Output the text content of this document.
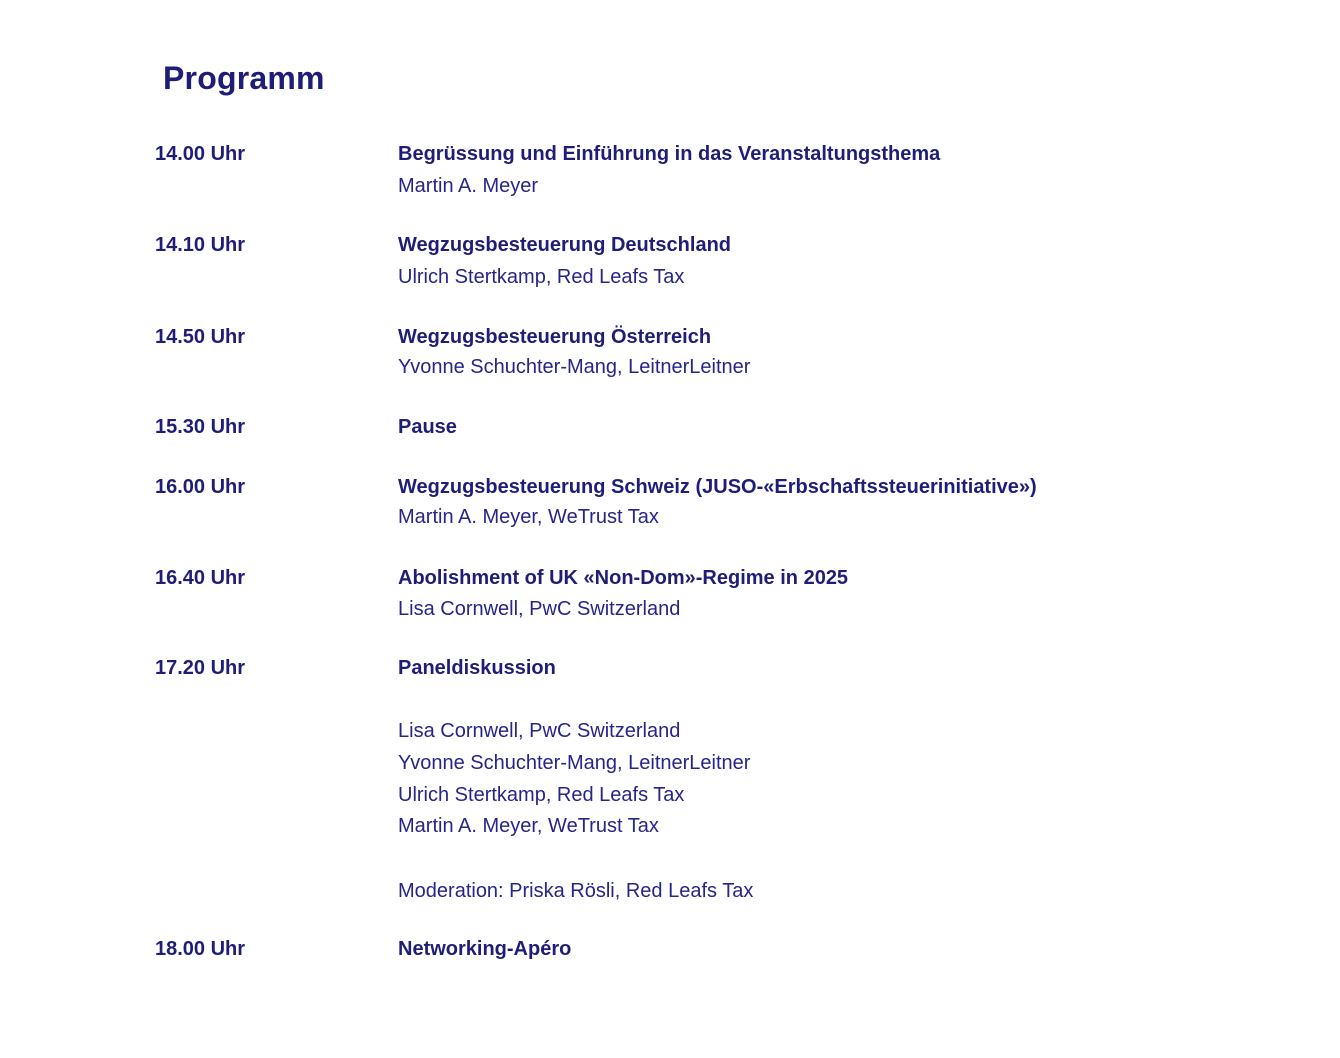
Programm
14.00 Uhr	Begrüssung und Einführung in das Veranstaltungsthema
Martin A. Meyer
14.10 Uhr	Wegzugsbesteuerung Deutschland
Ulrich Stertkamp, Red Leafs Tax
14.50 Uhr	Wegzugsbesteuerung Österreich
Yvonne Schuchter-Mang, LeitnerLeitner
15.30 Uhr	Pause
16.00 Uhr	Wegzugsbesteuerung Schweiz (JUSO-«Erbschaftssteuerinitiative»)
Martin A. Meyer, WeTrust Tax
16.40 Uhr	Abolishment of UK «Non-Dom»-Regime in 2025
Lisa Cornwell, PwC Switzerland
17.20 Uhr	Paneldiskussion
Lisa Cornwell, PwC Switzerland
Yvonne Schuchter-Mang, LeitnerLeitner
Ulrich Stertkamp, Red Leafs Tax
Martin A. Meyer, WeTrust Tax
Moderation: Priska Rösli, Red Leafs Tax
18.00 Uhr	Networking-Apéro
